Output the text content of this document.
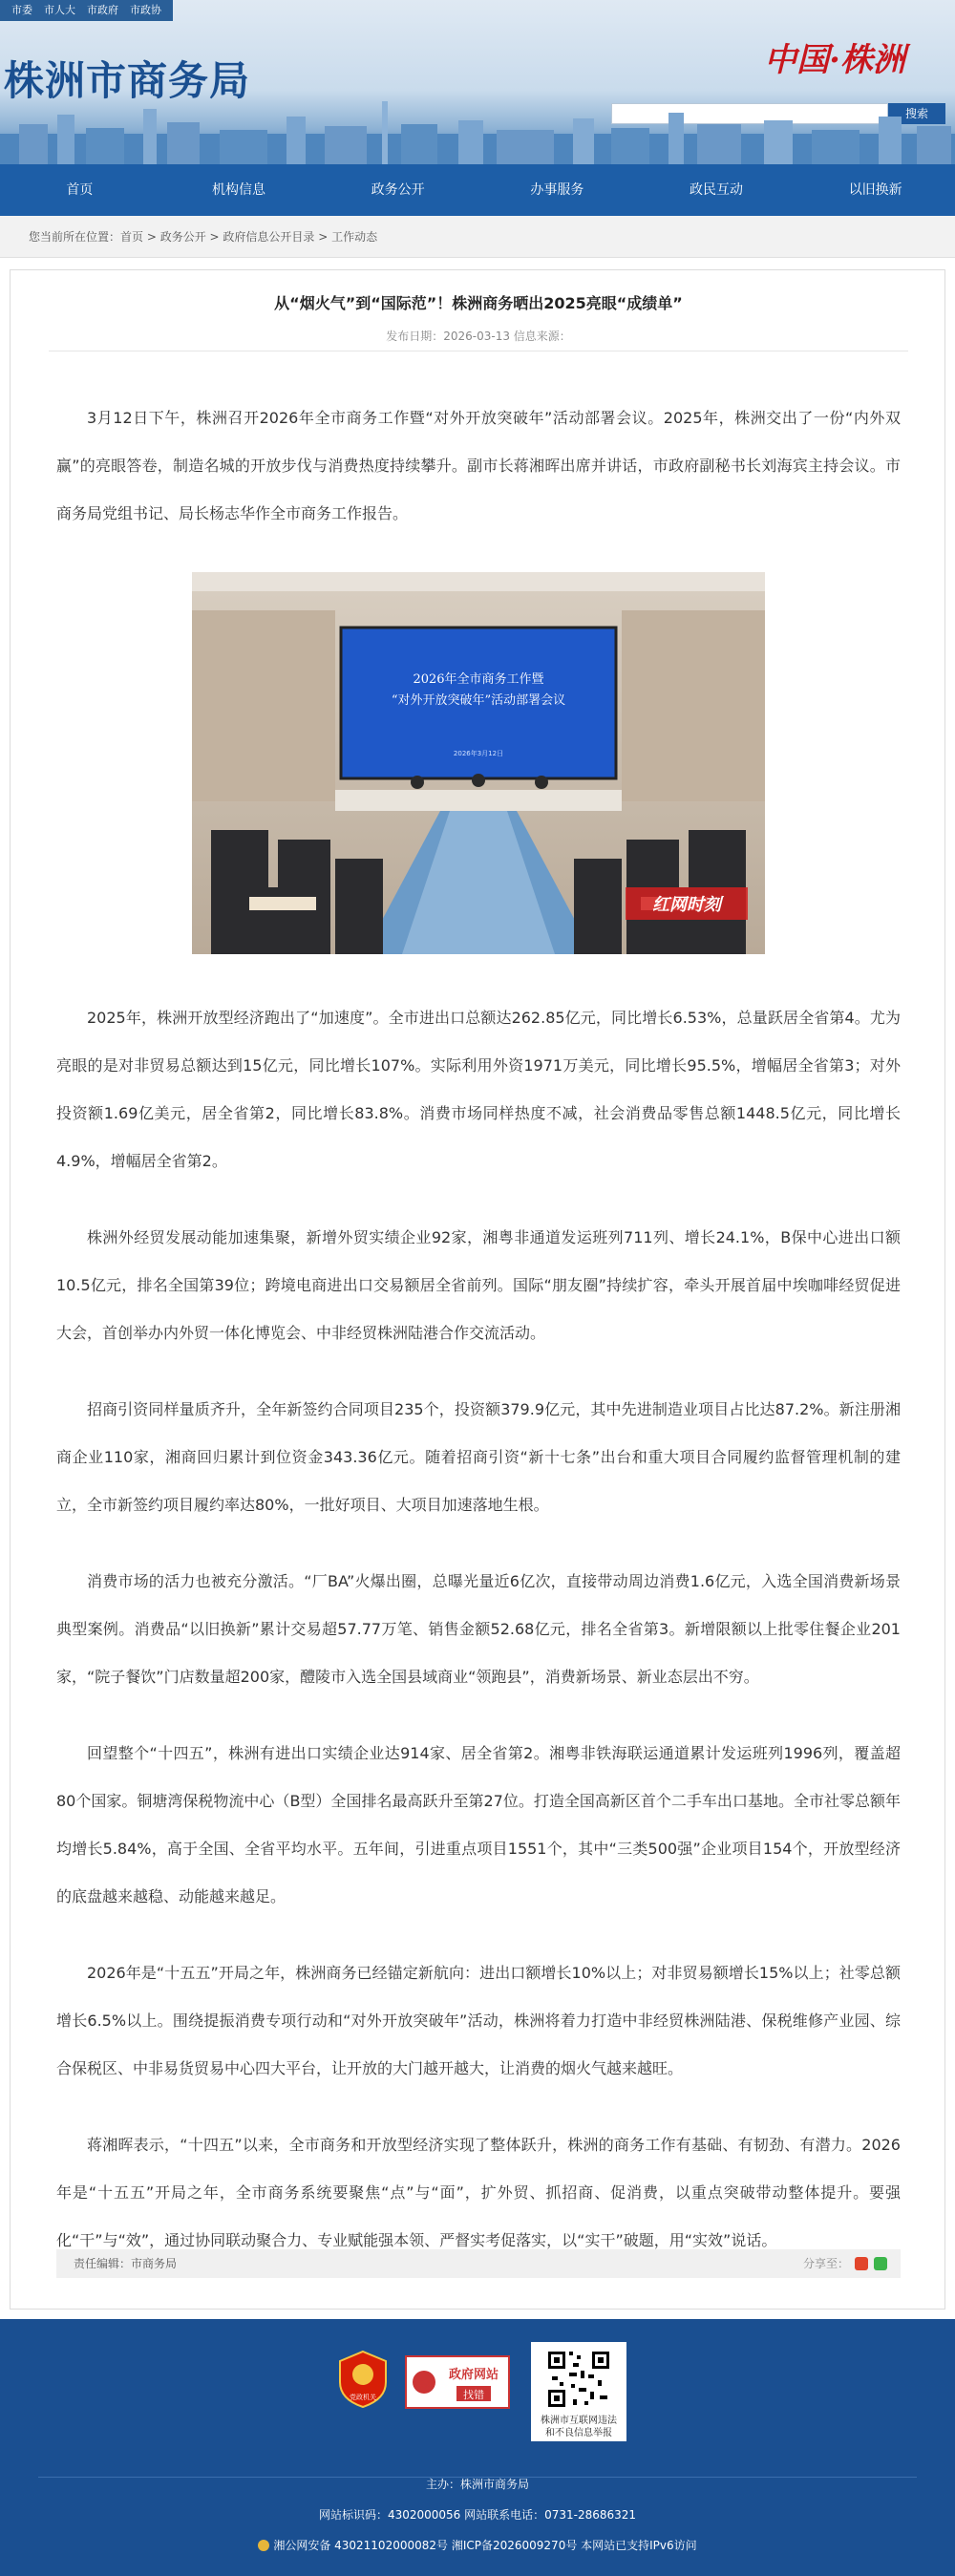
市委	市人大	市政府	市政协
株洲市商务局	中国·株洲
搜索
首页	机构信息	政务公开	办事服务	政民互动	以旧换新
您当前所在位置：首页 > 政务公开 > 政府信息公开目录 > 工作动态
从“烟火气”到“国际范”！株洲商务晒出2025亮眼“成绩单”
发布日期：2026-03-13 信息来源：

3月12日下午，株洲召开2026年全市商务工作暨“对外开放突破年”活动部署会议。2025年，株洲交出了一份“内外双赢”的亮眼答卷，制造名城的开放步伐与消费热度持续攀升。副市长蒋湘晖出席并讲话，市政府副秘书长刘海宾主持会议。市商务局党组书记、局长杨志华作全市商务工作报告。

2026年全市商务工作暨
“对外开放突破年”活动部署会议
2026年3月12日
红网时刻

2025年，株洲开放型经济跑出了“加速度”。全市进出口总额达262.85亿元，同比增长6.53%，总量跃居全省第4。尤为亮眼的是对非贸易总额达到15亿元，同比增长107%。实际利用外资1971万美元，同比增长95.5%，增幅居全省第3；对外投资额1.69亿美元，居全省第2，同比增长83.8%。消费市场同样热度不减，社会消费品零售总额1448.5亿元，同比增长4.9%，增幅居全省第2。

株洲外经贸发展动能加速集聚，新增外贸实绩企业92家，湘粤非通道发运班列711列、增长24.1%，B保中心进出口额10.5亿元，排名全国第39位；跨境电商进出口交易额居全省前列。国际“朋友圈”持续扩容，牵头开展首届中埃咖啡经贸促进大会，首创举办内外贸一体化博览会、中非经贸株洲陆港合作交流活动。

招商引资同样量质齐升，全年新签约合同项目235个，投资额379.9亿元，其中先进制造业项目占比达87.2%。新注册湘商企业110家，湘商回归累计到位资金343.36亿元。随着招商引资“新十七条”出台和重大项目合同履约监督管理机制的建立，全市新签约项目履约率达80%，一批好项目、大项目加速落地生根。

消费市场的活力也被充分激活。“厂BA”火爆出圈，总曝光量近6亿次，直接带动周边消费1.6亿元，入选全国消费新场景典型案例。消费品“以旧换新”累计交易超57.77万笔、销售金额52.68亿元，排名全省第3。新增限额以上批零住餐企业201家，“院子餐饮”门店数量超200家，醴陵市入选全国县域商业“领跑县”，消费新场景、新业态层出不穷。

回望整个“十四五”，株洲有进出口实绩企业达914家、居全省第2。湘粤非铁海联运通道累计发运班列1996列，覆盖超80个国家。铜塘湾保税物流中心（B型）全国排名最高跃升至第27位。打造全国高新区首个二手车出口基地。全市社零总额年均增长5.84%，高于全国、全省平均水平。五年间，引进重点项目1551个，其中“三类500强”企业项目154个，开放型经济的底盘越来越稳、动能越来越足。

2026年是“十五五”开局之年，株洲商务已经锚定新航向：进出口额增长10%以上；对非贸易额增长15%以上；社零总额增长6.5%以上。围绕提振消费专项行动和“对外开放突破年”活动，株洲将着力打造中非经贸株洲陆港、保税维修产业园、综合保税区、中非易货贸易中心四大平台，让开放的大门越开越大，让消费的烟火气越来越旺。

蒋湘晖表示，“十四五”以来，全市商务和开放型经济实现了整体跃升，株洲的商务工作有基础、有韧劲、有潜力。2026年是“十五五”开局之年，全市商务系统要聚焦“点”与“面”，扩外贸、抓招商、促消费，以重点突破带动整体提升。要强化“干”与“效”，通过协同联动聚合力、专业赋能强本领、严督实考促落实，以“实干”破题，用“实效”说话。

责任编辑：市商务局	分享至：
党政机关
政府网站
找错
株洲市互联网违法
和不良信息举报
主办：株洲市商务局
网站标识码：4302000056 网站联系电话：0731-28686321
湘公网安备 43021102000082号 湘ICP备2026009270号 本网站已支持IPv6访问
